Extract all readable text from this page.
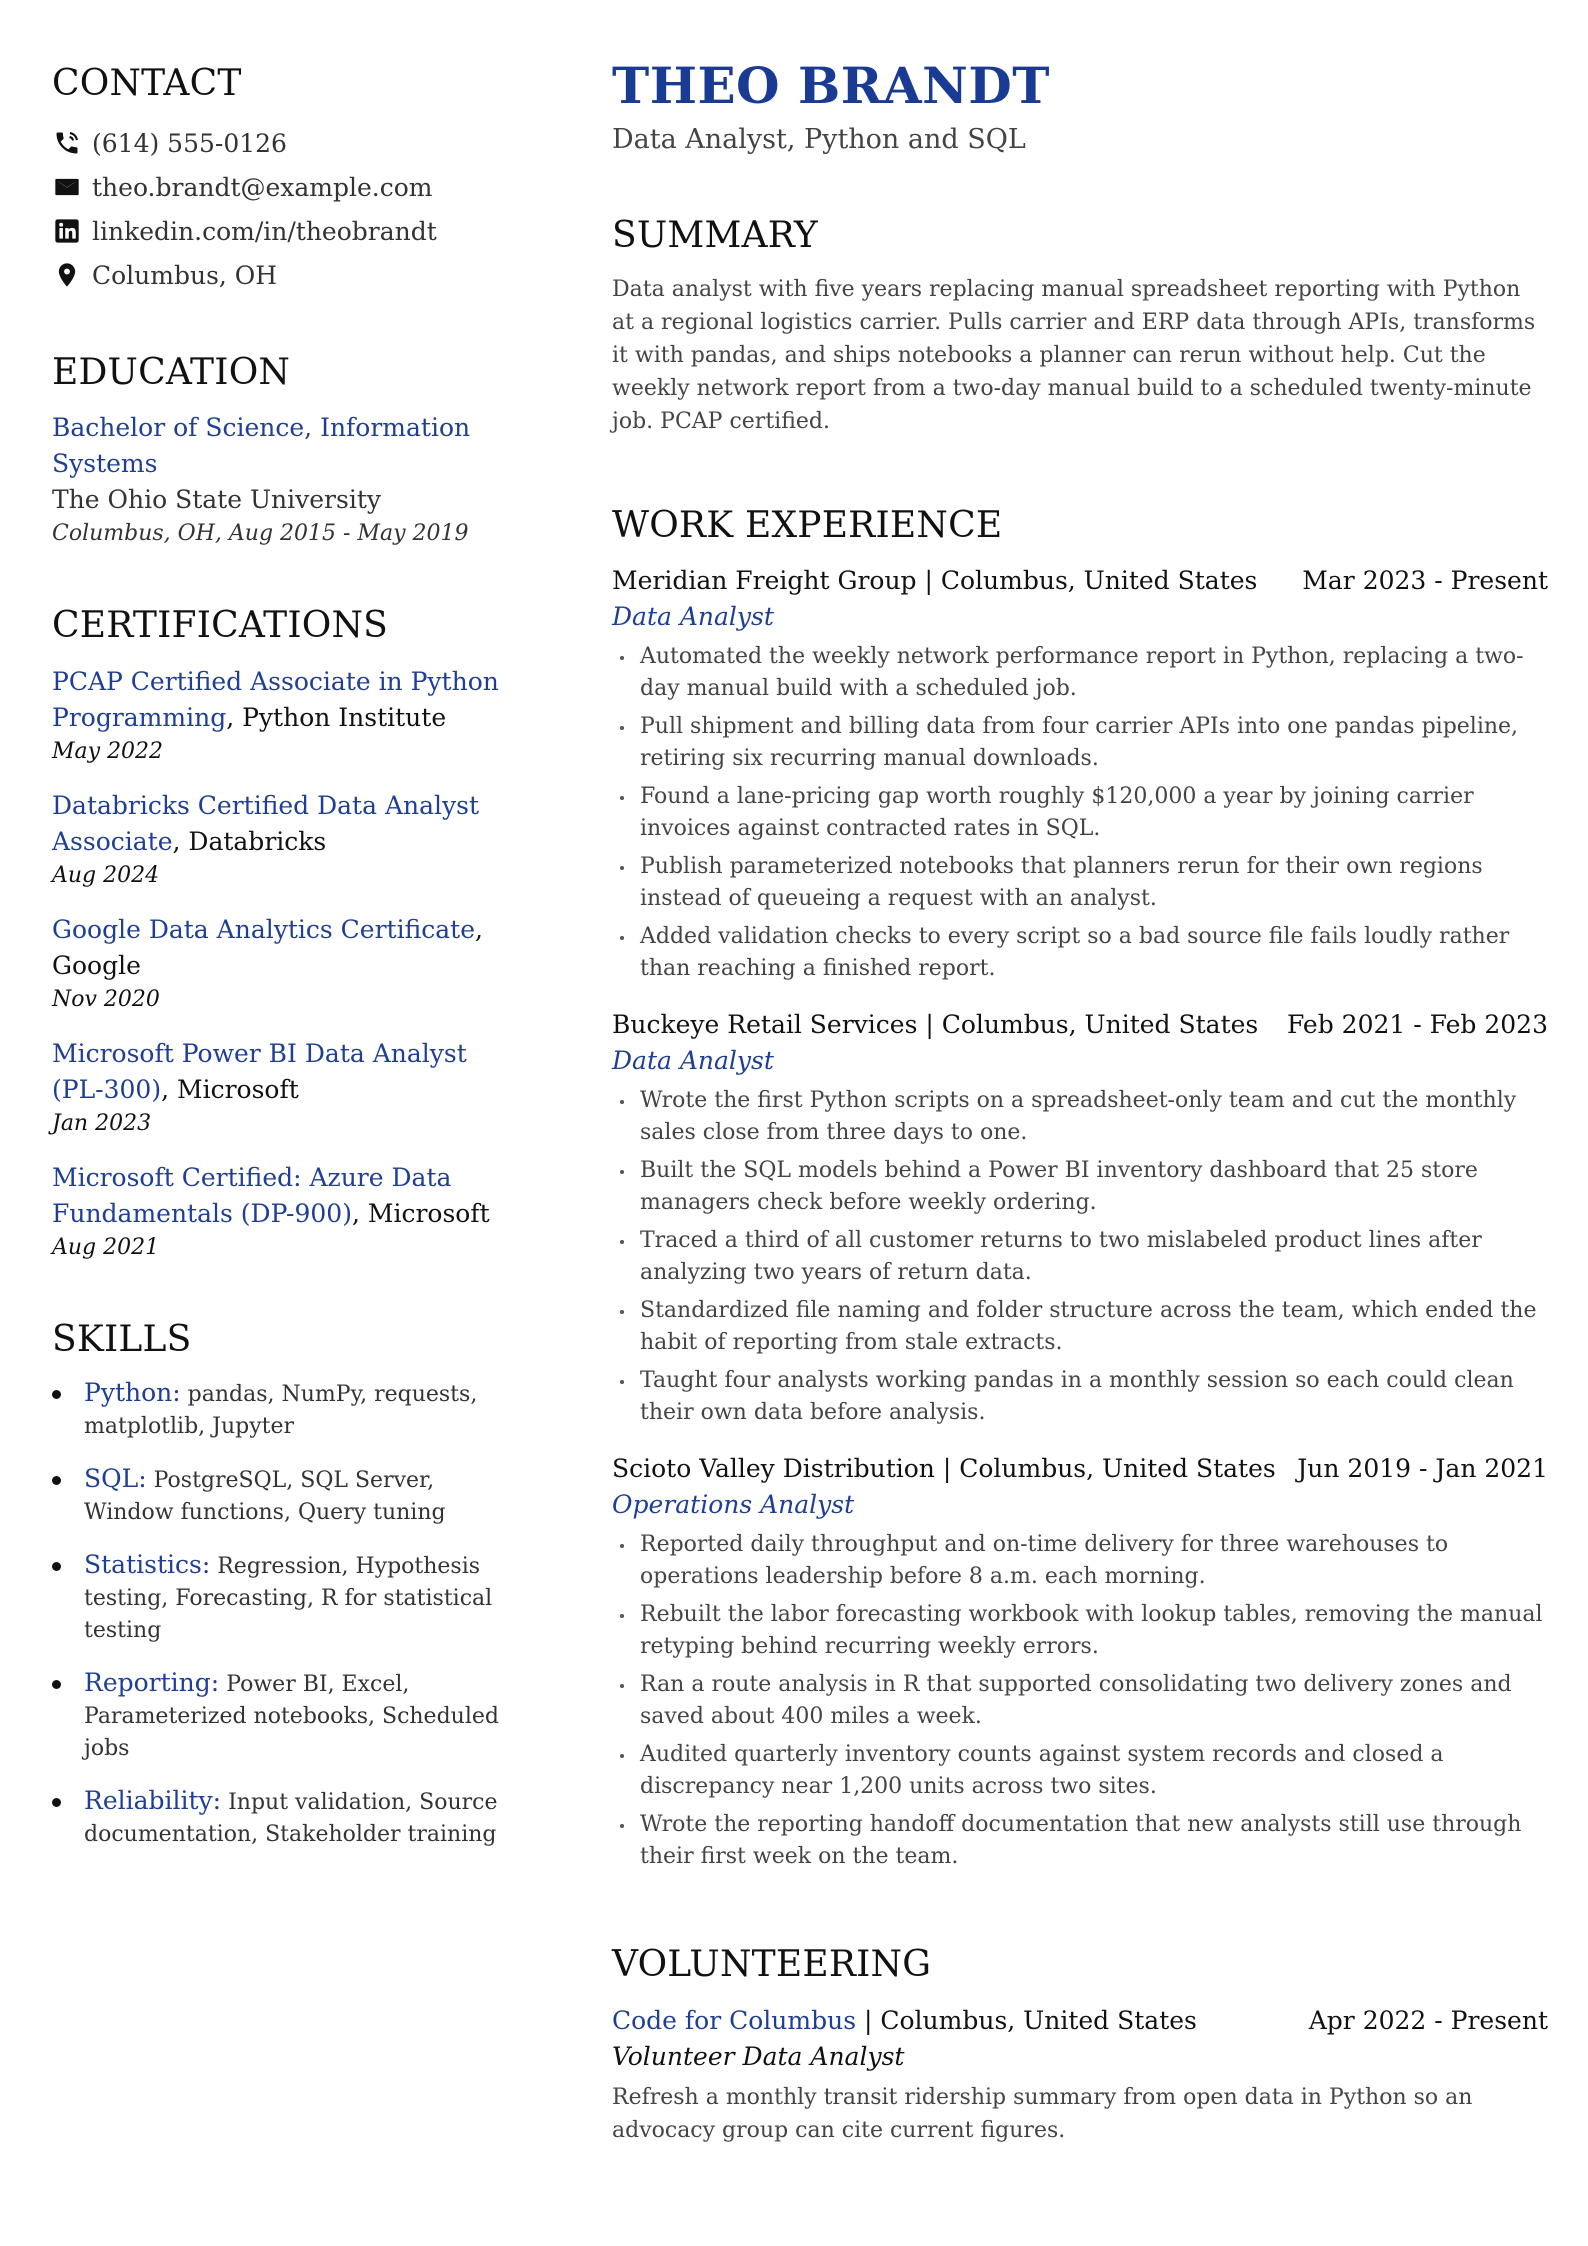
CONTACT
(614) 555-0126
theo.brandt@example.com
linkedin.com/in/theobrandt
Columbus, OH
EDUCATION
Bachelor of Science, Information Systems
The Ohio State University
Columbus, OH, Aug 2015 - May 2019
CERTIFICATIONS
PCAP Certified Associate in Python Programming, Python Institute
May 2022
Databricks Certified Data Analyst Associate, Databricks
Aug 2024
Google Data Analytics Certificate, Google
Nov 2020
Microsoft Power BI Data Analyst (PL-300), Microsoft
Jan 2023
Microsoft Certified: Azure Data Fundamentals (DP-900), Microsoft
Aug 2021
SKILLS
Python: pandas, NumPy, requests, matplotlib, Jupyter
SQL: PostgreSQL, SQL Server, Window functions, Query tuning
Statistics: Regression, Hypothesis testing, Forecasting, R for statistical testing
Reporting: Power BI, Excel, Parameterized notebooks, Scheduled jobs
Reliability: Input validation, Source documentation, Stakeholder training
THEO BRANDT
Data Analyst, Python and SQL
SUMMARY

Data analyst with five years replacing manual spreadsheet reporting with Python at a regional logistics carrier. Pulls carrier and ERP data through APIs, transforms it with pandas, and ships notebooks a planner can rerun without help. Cut the weekly network report from a two-day manual build to a scheduled twenty-minute job. PCAP certified.

WORK EXPERIENCE
Meridian Freight Group | Columbus, United States Mar 2023 - Present
Data Analyst
Automated the weekly network performance report in Python, replacing a two-day manual build with a scheduled job.
Pull shipment and billing data from four carrier APIs into one pandas pipeline, retiring six recurring manual downloads.
Found a lane-pricing gap worth roughly $120,000 a year by joining carrier invoices against contracted rates in SQL.
Publish parameterized notebooks that planners rerun for their own regions instead of queueing a request with an analyst.
Added validation checks to every script so a bad source file fails loudly rather than reaching a finished report.
Buckeye Retail Services | Columbus, United States Feb 2021 - Feb 2023
Data Analyst
Wrote the first Python scripts on a spreadsheet-only team and cut the monthly sales close from three days to one.
Built the SQL models behind a Power BI inventory dashboard that 25 store managers check before weekly ordering.
Traced a third of all customer returns to two mislabeled product lines after analyzing two years of return data.
Standardized file naming and folder structure across the team, which ended the habit of reporting from stale extracts.
Taught four analysts working pandas in a monthly session so each could clean their own data before analysis.
Scioto Valley Distribution | Columbus, United States Jun 2019 - Jan 2021
Operations Analyst
Reported daily throughput and on-time delivery for three warehouses to operations leadership before 8 a.m. each morning.
Rebuilt the labor forecasting workbook with lookup tables, removing the manual retyping behind recurring weekly errors.
Ran a route analysis in R that supported consolidating two delivery zones and saved about 400 miles a week.
Audited quarterly inventory counts against system records and closed a discrepancy near 1,200 units across two sites.
Wrote the reporting handoff documentation that new analysts still use through their first week on the team.
VOLUNTEERING
Code for Columbus | Columbus, United States	Apr 2022 - Present
Volunteer Data Analyst

Refresh a monthly transit ridership summary from open data in Python so an advocacy group can cite current figures.
